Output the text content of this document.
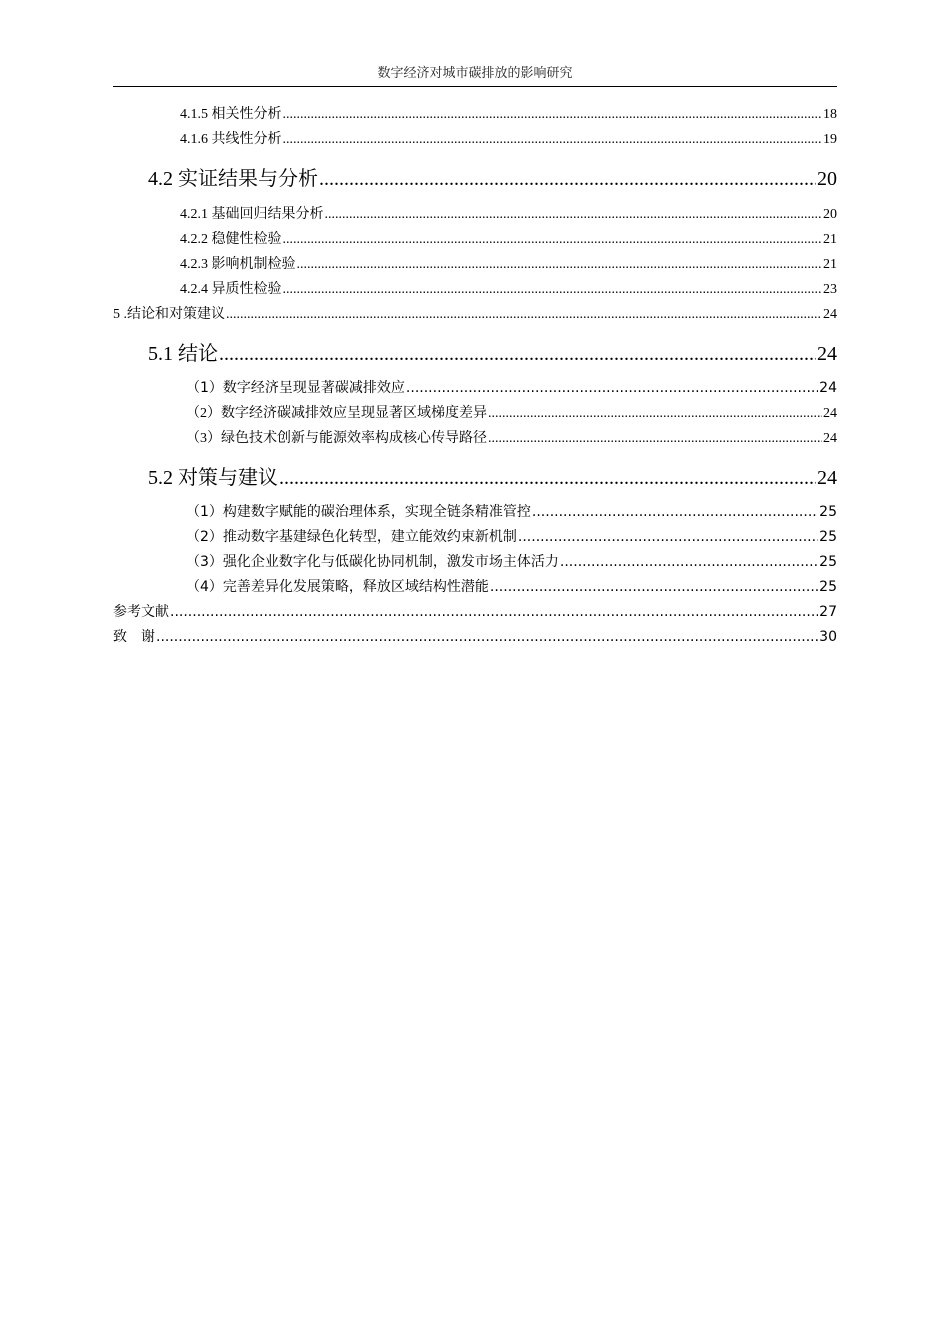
数字经济对城市碳排放的影响研究
4.1.5 相关性分析 .....	18
4.1.6 共线性分析 .....	19
4.2 实证结果与分析 .....	20
4.2.1 基础回归结果分析 .....	20
4.2.2 稳健性检验 .....	21
4.2.3 影响机制检验 .....	21
4.2.4 异质性检验 .....	23
5 .结论和对策建议 .....	24
5.1 结论 .....	24
（1）数字经济呈现显著碳减排效应 .....	24
（2）数字经济碳减排效应呈现显著区域梯度差异 .....	24
（3）绿色技术创新与能源效率构成核心传导路径 .....	24
5.2 对策与建议 .....	24
（1）构建数字赋能的碳治理体系，实现全链条精准管控 .....	25
（2）推动数字基建绿色化转型，建立能效约束新机制 .....	25
（3）强化企业数字化与低碳化协同机制，激发市场主体活力 .....	25
（4）完善差异化发展策略，释放区域结构性潜能 .....	25
参考文献 .....	27
致　谢 .....	30
